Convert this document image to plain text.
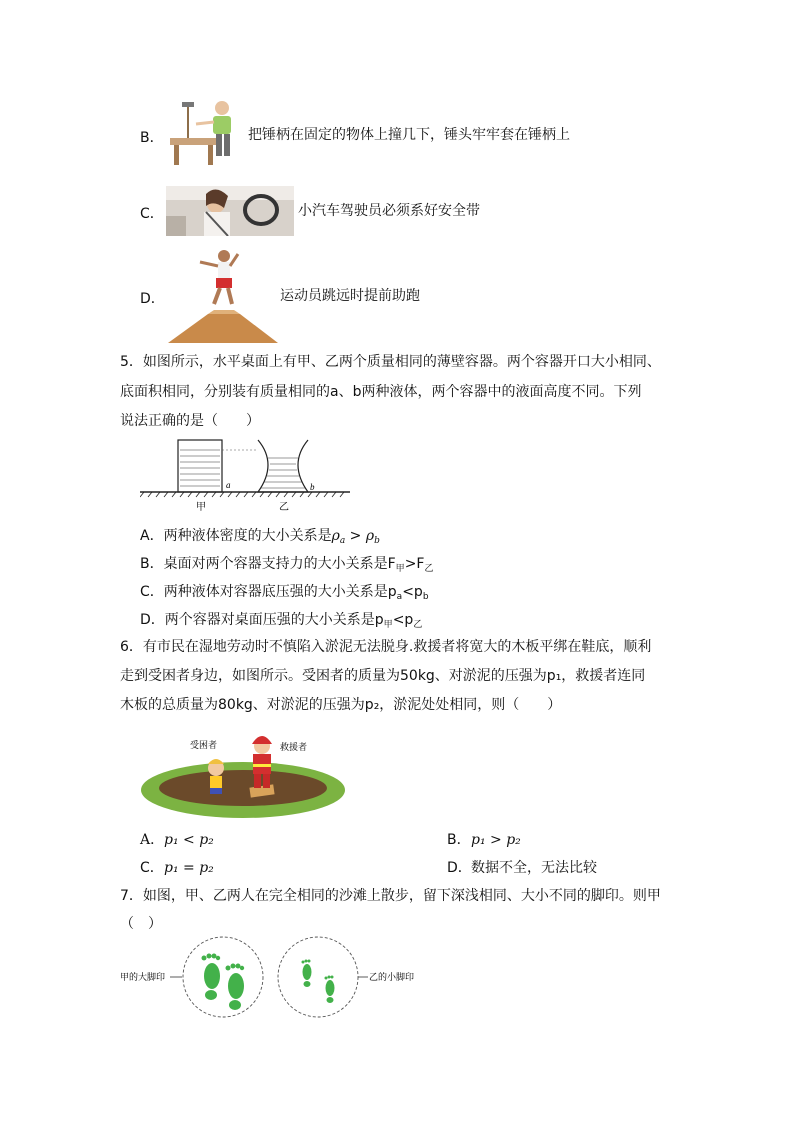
B．	把锤柄在固定的物体上撞几下，锤头牢牢套在锤柄上
C．	小汽车驾驶员必须系好安全带
D．	运动员跳远时提前助跑
5．如图所示，水平桌面上有甲、乙两个质量相同的薄壁容器。两个容器开口大小相同、
底面积相同，分别装有质量相同的a、b两种液体，两个容器中的液面高度不同。下列
说法正确的是（　　）
a	b
甲	乙
A．两种液体密度的大小关系是$\rho_a > \rho_b$
B．桌面对两个容器支持力的大小关系是$F_甲>F_乙$
C．两种液体对容器底压强的大小关系是$p_a<p_b$
D．两个容器对桌面压强的大小关系是$p_甲<p_乙$
6．有市民在湿地劳动时不慎陷入淤泥无法脱身.救援者将宽大的木板平绑在鞋底，顺利
走到受困者身边，如图所示。受困者的质量为50kg、对淤泥的压强为p₁，救援者连同
木板的总质量为80kg、对淤泥的压强为p₂，淤泥处处相同，则（　　）
受困者	救援者
A． p₁ < p₂	B． p₁ > p₂
C． p₁ = p₂	D． 数据不全，无法比较
7．如图，甲、乙两人在完全相同的沙滩上散步，留下深浅相同、大小不同的脚印。则甲
（　）
甲的大脚印	乙的小脚印
